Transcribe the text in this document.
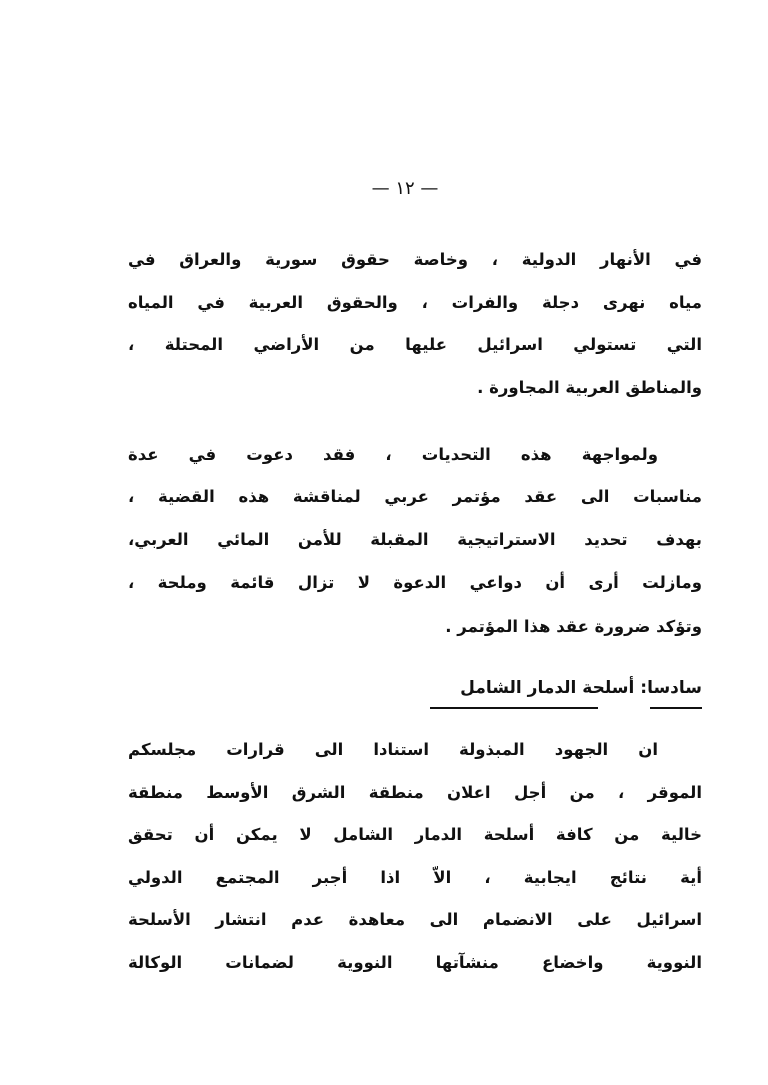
— ١٢ —
في الأنهار الدولية ، وخاصة حقوق سورية والعراق في
مياه نهرى دجلة والفرات ، والحقوق العربية في المياه
التي تستولي اسرائيل عليها من الأراضي المحتلة ،
والمناطق العربية المجاورة .
ولمواجهة هذه التحديات ، فقد دعوت في عدة
مناسبات الى عقد مؤتمر عربي لمناقشة هذه القضية ،
بهدف تحديد الاستراتيجية المقبلة للأمن المائي العربي،
ومازلت أرى أن دواعي الدعوة لا تزال قائمة وملحة ،
وتؤكد ضرورة عقد هذا المؤتمر .
ان الجهود المبذولة استنادا الى قرارات مجلسكم
الموقر ، من أجل اعلان منطقة الشرق الأوسط منطقة
خالية من كافة أسلحة الدمار الشامل لا يمكن أن تحقق
أية نتائج ايجابية ، الاّ اذا أجبر المجتمع الدولي
اسرائيل على الانضمام الى معاهدة عدم انتشار الأسلحة
النووية واخضاع منشآتها النووية لضمانات الوكالة
سادسا: أسلحة الدمار الشامل
